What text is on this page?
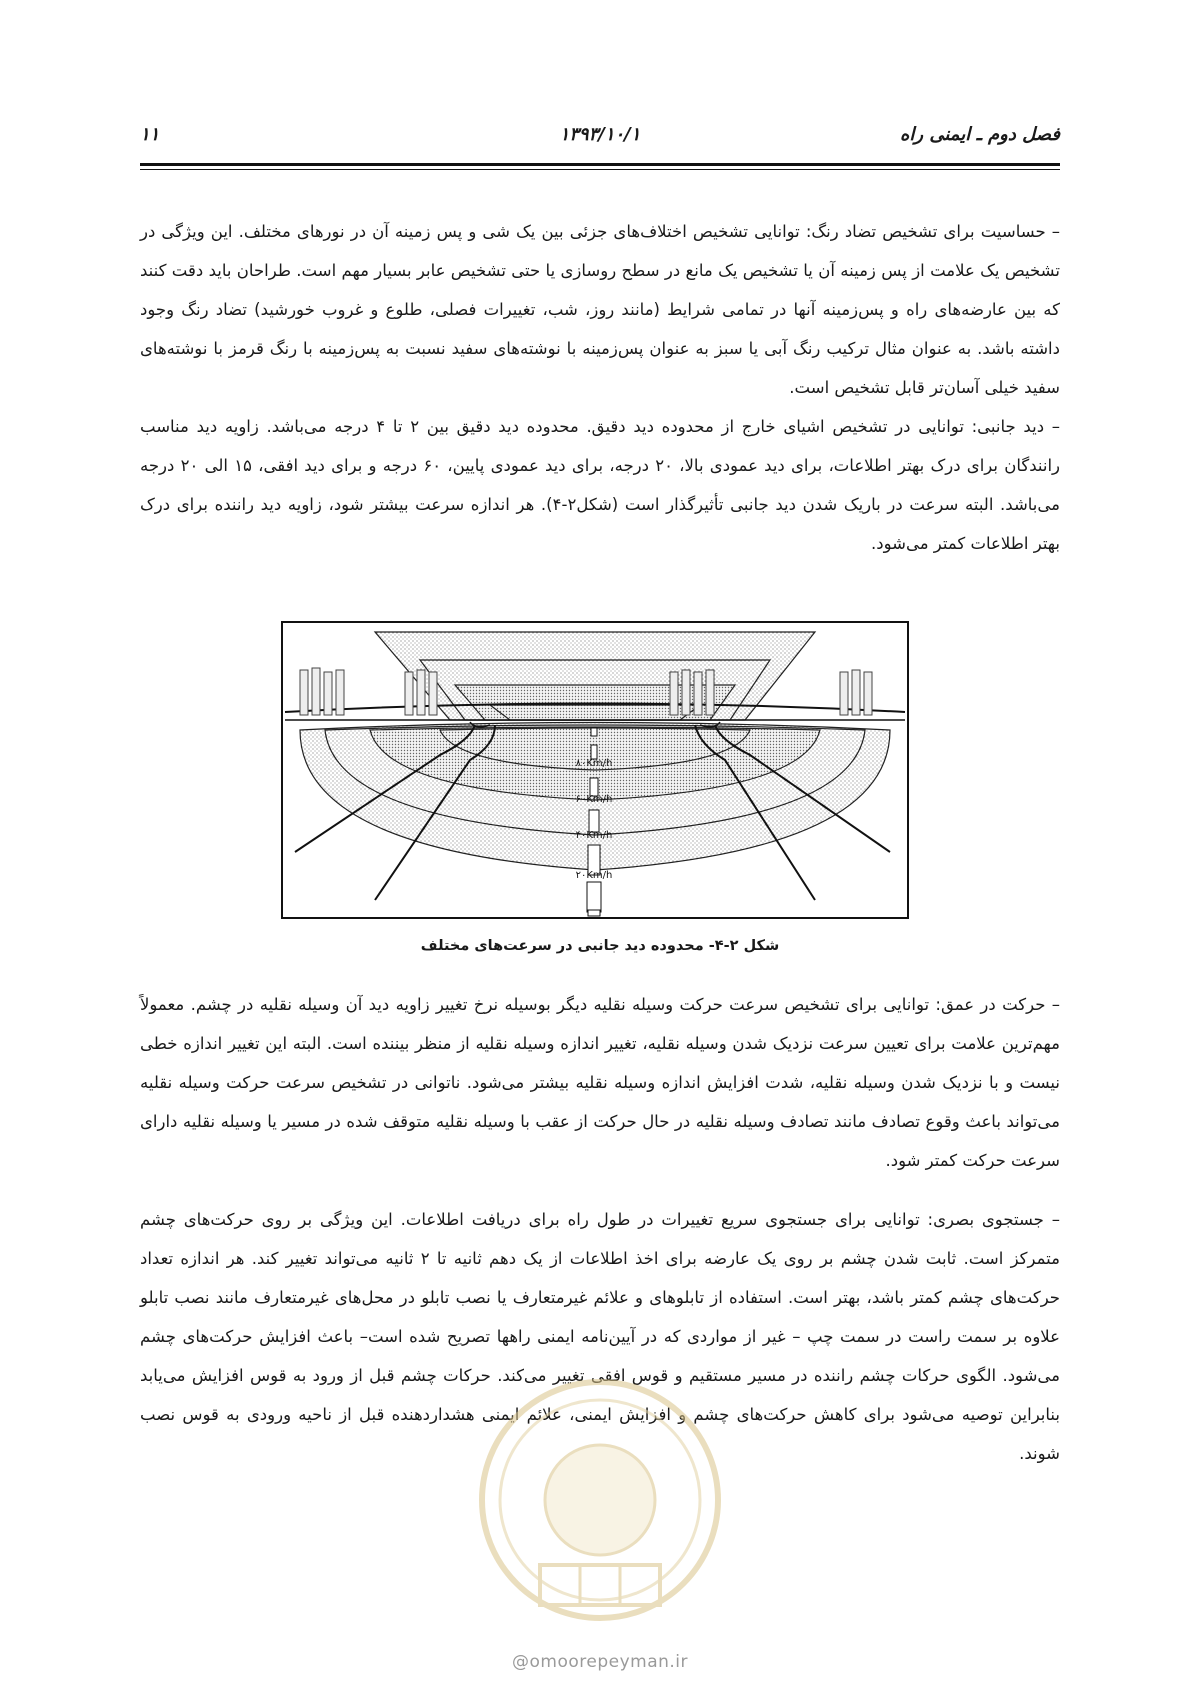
فصل دوم ـ ایمنی راه
۱۳۹۳/۱۰/۱
۱۱

– حساسیت برای تشخیص تضاد رنگ: توانایی تشخیص اختلاف‌های جزئی بین یک شی و پس زمینه آن در نورهای مختلف. این ویژگی در تشخیص یک علامت از پس زمینه آن یا تشخیص یک مانع در سطح روسازی یا حتی تشخیص عابر بسیار مهم است. طراحان باید دقت کنند که بین عارضه‌های راه و پس‌زمینه آنها در تمامی شرایط (مانند روز، شب، تغییرات فصلی، طلوع و غروب خورشید) تضاد رنگ وجود داشته باشد. به عنوان مثال ترکیب رنگ آبی یا سبز به عنوان پس‌زمینه با نوشته‌های سفید نسبت به پس‌زمینه با رنگ قرمز با نوشته‌های سفید خیلی آسان‌تر قابل تشخیص است.

– دید جانبی: توانایی در تشخیص اشیای خارج از محدوده دید دقیق. محدوده دید دقیق بین ۲ تا ۴ درجه می‌باشد. زاویه دید مناسب رانندگان برای درک بهتر اطلاعات، برای دید عمودی بالا، ۲۰ درجه، برای دید عمودی پایین، ۶۰ درجه و برای دید افقی، ۱۵ الی ۲۰ درجه می‌باشد. البته سرعت در باریک شدن دید جانبی تأثیرگذار است (شکل۲-۴). هر اندازه سرعت بیشتر شود، زاویه دید راننده برای درک بهتر اطلاعات کمتر می‌شود.

۸۰Km/h
۶۰Km/h
۴۰Km/h
۲۰Km/h
شکل ۲-۴- محدوده دید جانبی در سرعت‌های مختلف

– حرکت در عمق: توانایی برای تشخیص سرعت حرکت وسیله نقلیه دیگر بوسیله نرخ تغییر زاویه دید آن وسیله نقلیه در چشم. معمولاً مهم‌ترین علامت برای تعیین سرعت نزدیک شدن وسیله نقلیه، تغییر اندازه وسیله نقلیه از منظر بیننده است. البته این تغییر اندازه خطی نیست و با نزدیک شدن وسیله نقلیه، شدت افزایش اندازه وسیله نقلیه بیشتر می‌شود. ناتوانی در تشخیص سرعت حرکت وسیله نقلیه می‌تواند باعث وقوع تصادف مانند تصادف وسیله نقلیه در حال حرکت از عقب با وسیله نقلیه متوقف شده در مسیر یا وسیله نقلیه دارای سرعت حرکت کمتر شود.

– جستجوی بصری: توانایی برای جستجوی سریع تغییرات در طول راه برای دریافت اطلاعات. این ویژگی بر روی حرکت‌های چشم متمرکز است. ثابت شدن چشم بر روی یک عارضه برای اخذ اطلاعات از یک دهم ثانیه تا ۲ ثانیه می‌تواند تغییر کند. هر اندازه تعداد حرکت‌های چشم کمتر باشد، بهتر است. استفاده از تابلوهای و علائم غیرمتعارف یا نصب تابلو در محل‌های غیرمتعارف مانند نصب تابلو علاوه بر سمت راست در سمت چپ – غیر از مواردی که در آیین‌نامه ایمنی راهها تصریح شده است– باعث افزایش حرکت‌های چشم می‌شود. الگوی حرکات چشم راننده در مسیر مستقیم و قوس افقی تغییر می‌کند. حرکات چشم قبل از ورود به قوس افزایش می‌یابد بنابراین توصیه می‌شود برای کاهش حرکت‌های چشم و افزایش ایمنی، علائم ایمنی هشداردهنده قبل از ناحیه ورودی به قوس نصب شوند.

@omoorepeyman.ir
